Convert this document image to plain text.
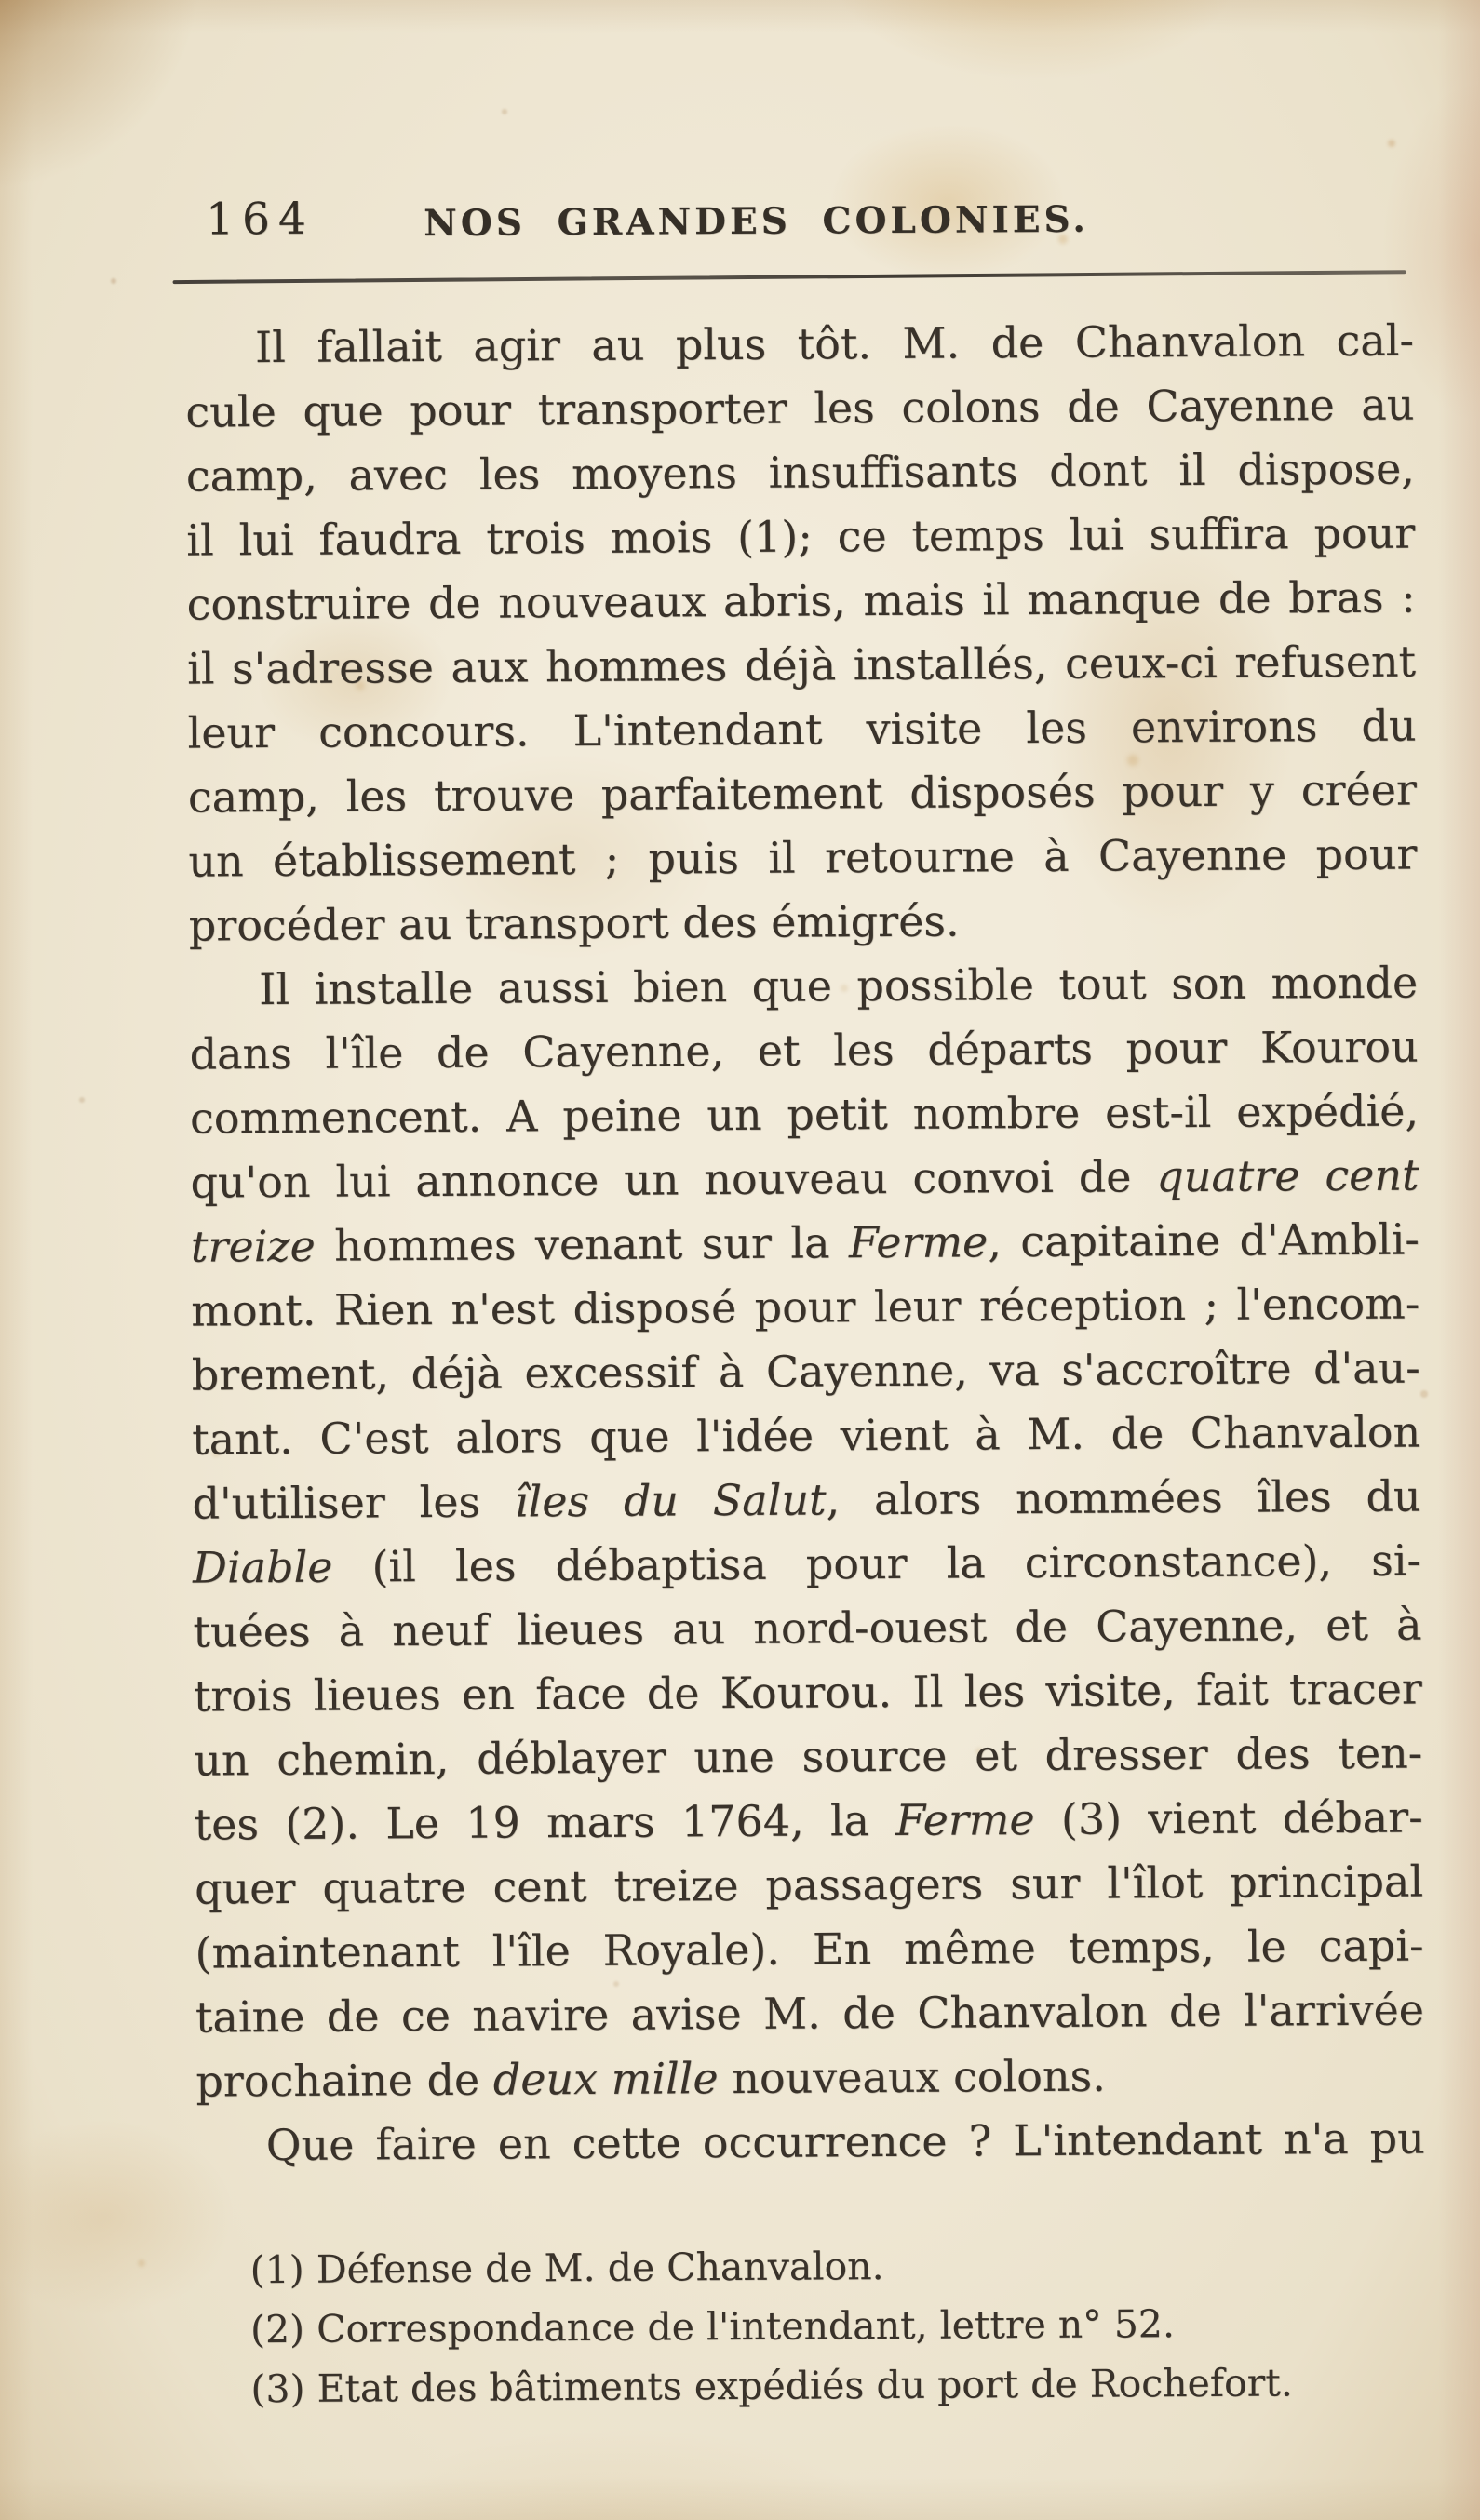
164	NOS GRANDES COLONIES.
Il fallait agir au plus tôt. M. de Chanvalon cal-
cule que pour transporter les colons de Cayenne au
camp, avec les moyens insuffisants dont il dispose,
il lui faudra trois mois (1); ce temps lui suffira pour
construire de nouveaux abris, mais il manque de bras :
il s'adresse aux hommes déjà installés, ceux-ci refusent
leur concours. L'intendant visite les environs du
camp, les trouve parfaitement disposés pour y créer
un établissement ; puis il retourne à Cayenne pour
procéder au transport des émigrés.
Il installe aussi bien que possible tout son monde
dans l'île de Cayenne, et les départs pour Kourou
commencent. A peine un petit nombre est-il expédié,
qu'on lui annonce un nouveau convoi de quatre cent
treize hommes venant sur la Ferme, capitaine d'Ambli-
mont. Rien n'est disposé pour leur réception ; l'encom-
brement, déjà excessif à Cayenne, va s'accroître d'au-
tant. C'est alors que l'idée vient à M. de Chanvalon
d'utiliser les îles du Salut, alors nommées îles du
Diable (il les débaptisa pour la circonstance), si-
tuées à neuf lieues au nord-ouest de Cayenne, et à
trois lieues en face de Kourou. Il les visite, fait tracer
un chemin, déblayer une source et dresser des ten-
tes (2). Le 19 mars 1764, la Ferme (3) vient débar-
quer quatre cent treize passagers sur l'îlot principal
(maintenant l'île Royale). En même temps, le capi-
taine de ce navire avise M. de Chanvalon de l'arrivée
prochaine de deux mille nouveaux colons.
Que faire en cette occurrence ? L'intendant n'a pu
(1) Défense de M. de Chanvalon.
(2) Correspondance de l'intendant, lettre n° 52.
(3) Etat des bâtiments expédiés du port de Rochefort.
